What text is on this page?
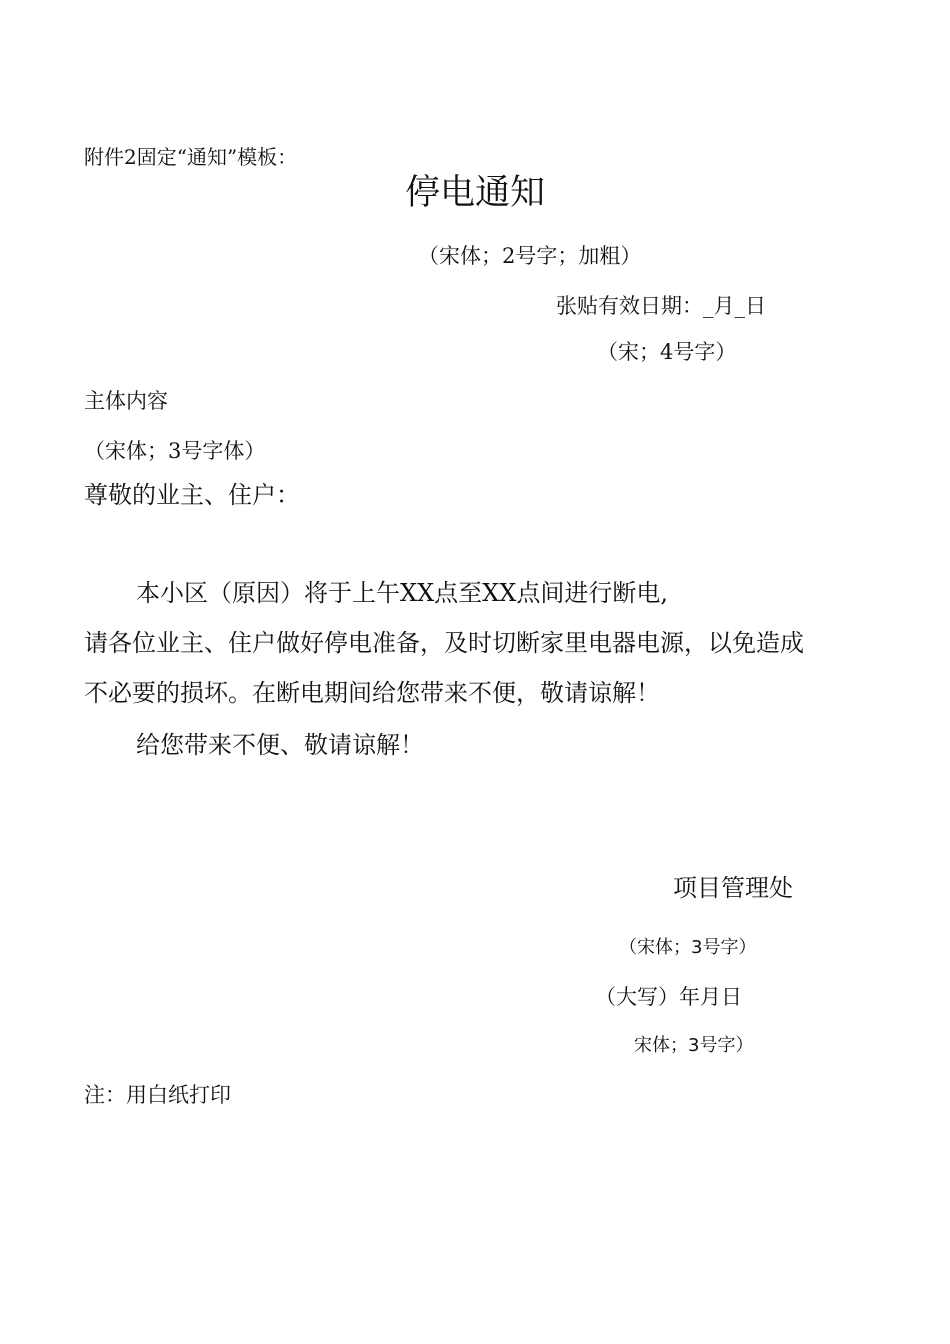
附件2固定“通知”模板：
停电通知
（宋体；2号字；加粗）
张贴有效日期：_月_日
（宋；4号字）
主体内容
（宋体；3号字体）
尊敬的业主、住户：
本小区（原因）将于上午XX点至XX点间进行断电,
请各位业主、住户做好停电准备，及时切断家里电器电源，以免造成
不必要的损坏。在断电期间给您带来不便，敬请谅解！
给您带来不便、敬请谅解！
项目管理处
（宋体；3号字）
（大写）年月日
宋体；3号字）
注：用白纸打印
